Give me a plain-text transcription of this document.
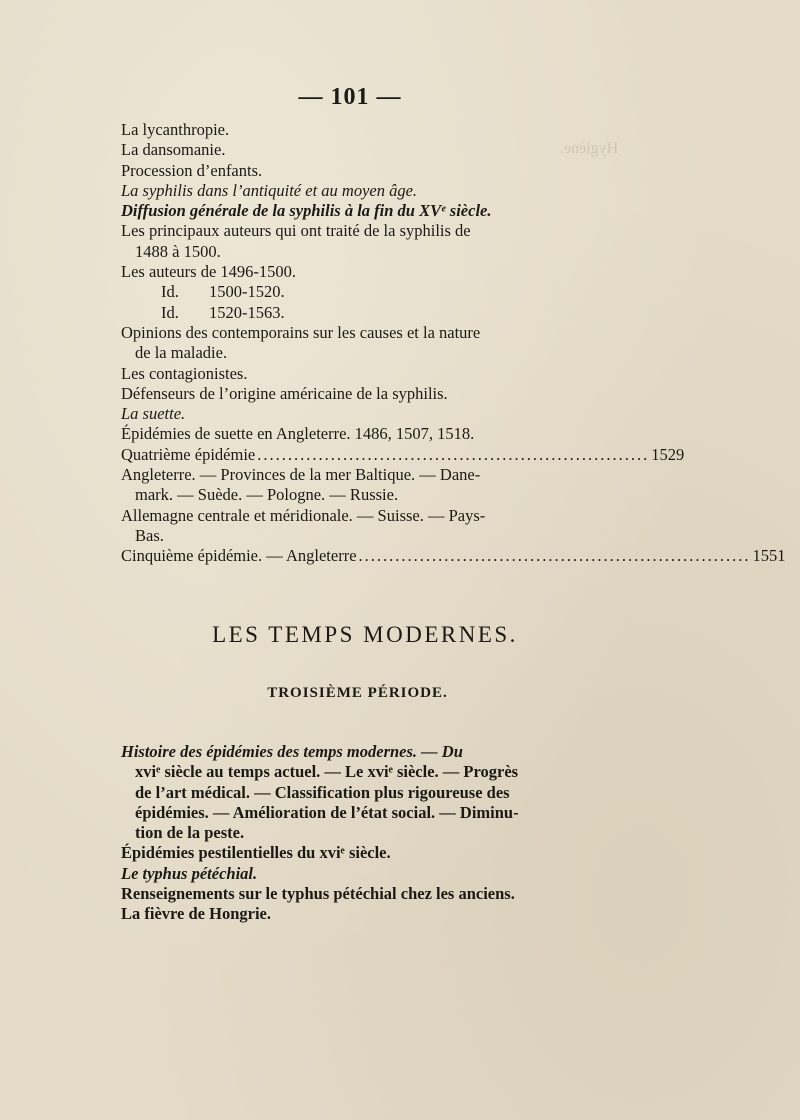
Hygiène.
— 101 —
La lycanthropie.
La dansomanie.
Procession d’enfants.
La syphilis dans l’antiquité et au moyen âge.
Diffusion générale de la syphilis à la fin du XVᵉ siècle.
Les principaux auteurs qui ont traité de la syphilis de
1488 à 1500.
Les auteurs de 1496-1500.
Id. 1500-1520.
Id. 1520-1563.
Opinions des contemporains sur les causes et la nature
de la maladie.
Les contagionistes.
Défenseurs de l’origine américaine de la syphilis.
La suette.
Épidémies de suette en Angleterre. 1486, 1507, 1518.
Quatrième épidémie ................................................................ 1529
Angleterre. — Provinces de la mer Baltique. — Dane-
mark. — Suède. — Pologne. — Russie.
Allemagne centrale et méridionale. — Suisse. — Pays-
Bas.
Cinquième épidémie. — Angleterre ................................................................ 1551
LES TEMPS MODERNES.
TROISIÈME PÉRIODE.
Histoire des épidémies des temps modernes. — Du
xviᵉ siècle au temps actuel. — Le xviᵉ siècle. — Progrès
de l’art médical. — Classification plus rigoureuse des
épidémies. — Amélioration de l’état social. — Diminu-
tion de la peste.
Épidémies pestilentielles du xviᵉ siècle.
Le typhus pétéchial.
Renseignements sur le typhus pétéchial chez les anciens.
La fièvre de Hongrie.
